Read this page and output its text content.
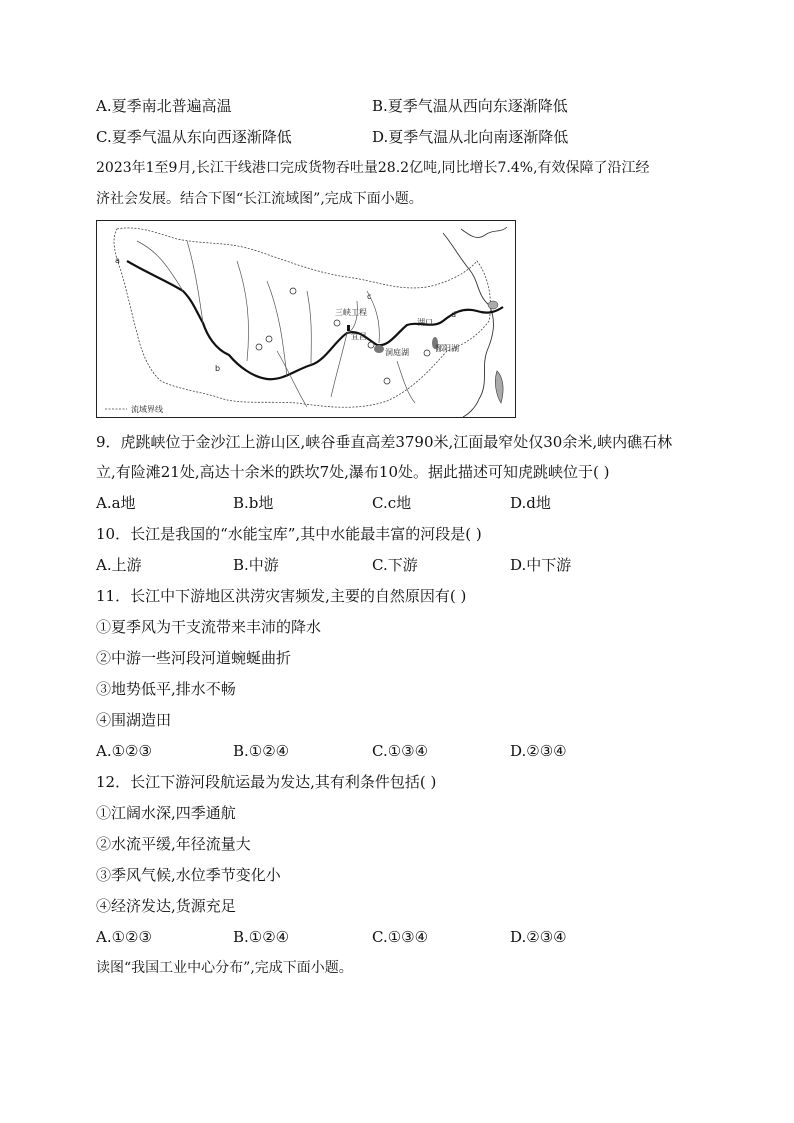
A.夏季南北普遍高温	B.夏季气温从西向东逐渐降低
C.夏季气温从东向西逐渐降低	D.夏季气温从北向南逐渐降低
2023年1至9月,长江干线港口完成货物吞吐量28.2亿吨,同比增长7.4%,有效保障了沿江经
济社会发展。结合下图“长江流域图”,完成下面小题。
三峡工程
宜昌
湖口
洞庭湖	鄱阳湖
a
b
c
d
流域界线
9．虎跳峡位于金沙江上游山区,峡谷垂直高差3790米,江面最窄处仅30余米,峡内礁石林
立,有险滩21处,高达十余米的跌坎7处,瀑布10处。据此描述可知虎跳峡位于( )
A.a地	B.b地	C.c地	D.d地
10．长江是我国的“水能宝库”,其中水能最丰富的河段是( )
A.上游	B.中游	C.下游	D.中下游
11．长江中下游地区洪涝灾害频发,主要的自然原因有( )
①夏季风为干支流带来丰沛的降水
②中游一些河段河道蜿蜒曲折
③地势低平,排水不畅
④围湖造田
A.①②③	B.①②④	C.①③④	D.②③④
12．长江下游河段航运最为发达,其有利条件包括( )
①江阔水深,四季通航
②水流平缓,年径流量大
③季风气候,水位季节变化小
④经济发达,货源充足
A.①②③	B.①②④	C.①③④	D.②③④
读图“我国工业中心分布”,完成下面小题。
